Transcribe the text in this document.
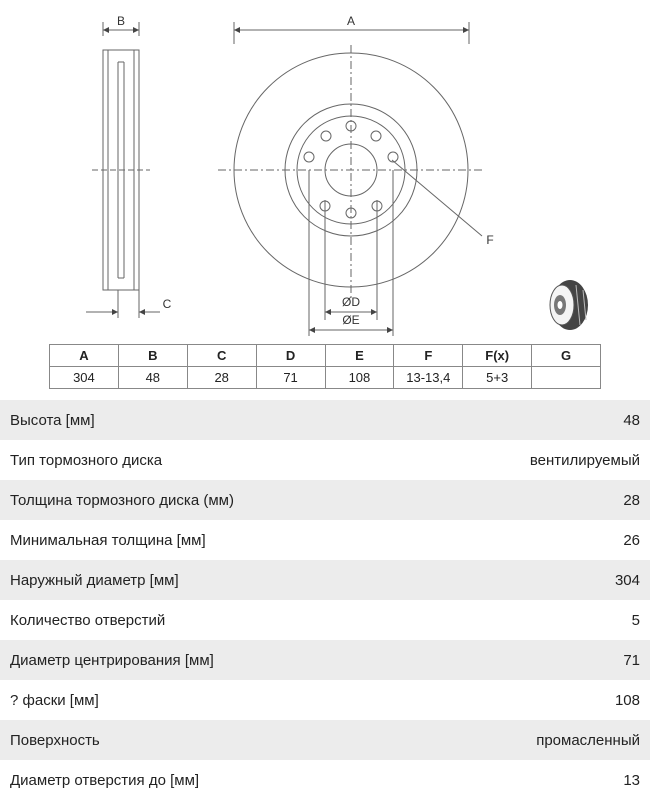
B
C
A
F
ØD
ØE
A	B	C	D	E	F	F(x)	G
304	48	28	71	108	13-13,4	5+3	
Высота [мм]	48
Тип тормозного диска	вентилируемый
Толщина тормозного диска (мм)	28
Минимальная толщина [мм]	26
Наружный диаметр [мм]	304
Количество отверстий	5
Диаметр центрирования [мм]	71
? фаски [мм]	108
Поверхность	промасленный
Диаметр отверстия до [мм]	13
